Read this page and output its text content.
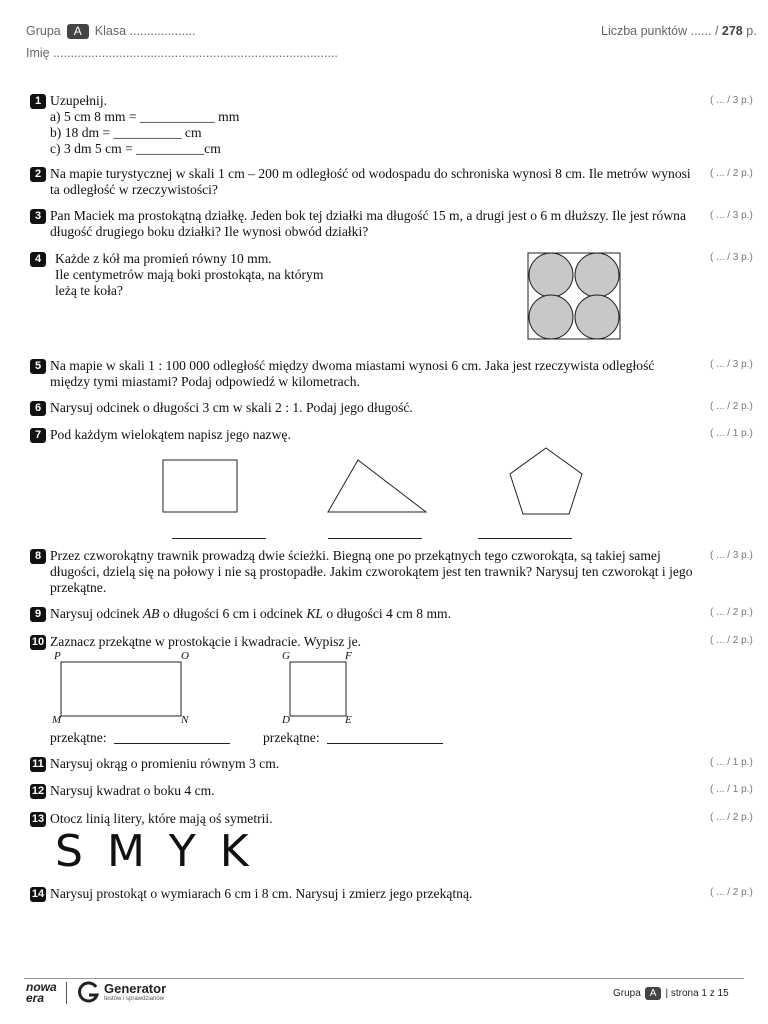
Grupa A Klasa ...................
Imię ..................................................................................
Liczba punktów ...... / 278 p.
1 Uzupełnij.
a) 5 cm 8 mm = ___________ mm
b) 18 dm = __________ cm
c) 3 dm 5 cm = __________cm
( ... / 3 p.)
2 Na mapie turystycznej w skali 1 cm – 200 m odległość od wodospadu do schroniska wynosi 8 cm. Ile metrów wynosi ta odległość w rzeczywistości?
( ... / 2 p.)
3 Pan Maciek ma prostokątną działkę. Jeden bok tej działki ma długość 15 m, a drugi jest o 6 m dłuższy. Ile jest równa długość drugiego boku działki? Ile wynosi obwód działki?
( ... / 3 p.)
4	Każde z kół ma promień równy 10 mm.
Ile centymetrów mają boki prostokąta, na którym
leżą te koła?
( ... / 3 p.)
5 Na mapie w skali 1 : 100 000 odległość między dwoma miastami wynosi 6 cm. Jaka jest rzeczywista odległość między tymi miastami? Podaj odpowiedź w kilometrach.
( ... / 3 p.)
6 Narysuj odcinek o długości 3 cm w skali 2 : 1. Podaj jego długość.	( ... / 2 p.)
7 Pod każdym wielokątem napisz jego nazwę.	( ... / 1 p.)
8 Przez czworokątny trawnik prowadzą dwie ścieżki. Biegną one po przekątnych tego czworokąta, są takiej samej długości, dzielą się na połowy i nie są prostopadłe. Jakim czworokątem jest ten trawnik? Narysuj ten czworokąt i jego przekątne.
( ... / 3 p.)
9 Narysuj odcinek AB o długości 6 cm i odcinek KL o długości 4 cm 8 mm.	( ... / 2 p.)
10 Zaznacz przekątne w prostokącie i kwadracie. Wypisz je.	( ... / 2 p.)
P	O
M	N
G	F
D	E
przekątne:	przekątne:
11 Narysuj okrąg o promieniu równym 3 cm.	( ... / 1 p.)
12 Narysuj kwadrat o boku 4 cm.	( ... / 1 p.)
13 Otocz linią litery, które mają oś symetrii.	( ... / 2 p.)
S M Y K
14 Narysuj prostokąt o wymiarach 6 cm i 8 cm. Narysuj i zmierz jego przekątną.	( ... / 2 p.)
nowa
era
Generator
testów i sprawdzianów	Grupa A | strona 1 z 15
